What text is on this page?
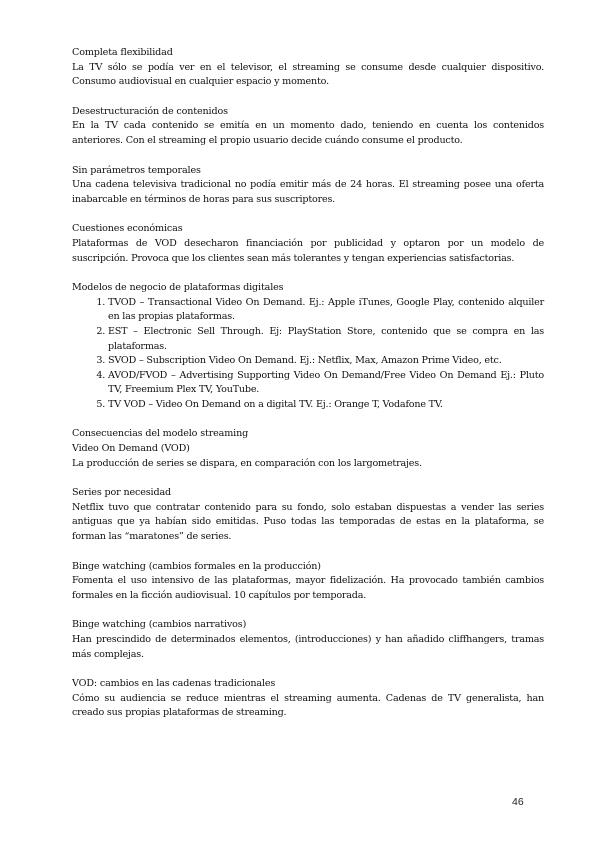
Completa flexibilidad
La TV sólo se podía ver en el televisor, el streaming se consume desde cualquier dispositivo. Consumo audiovisual en cualquier espacio y momento.
Desestructuración de contenidos
En la TV cada contenido se emitía en un momento dado, teniendo en cuenta los contenidos anteriores. Con el streaming el propio usuario decide cuándo consume el producto.
Sin parámetros temporales
Una cadena televisiva tradicional no podía emitir más de 24 horas. El streaming posee una oferta inabarcable en términos de horas para sus suscriptores.
Cuestiones económicas
Plataformas de VOD desecharon financiación por publicidad y optaron por un modelo de suscripción. Provoca que los clientes sean más tolerantes y tengan experiencias satisfactorias.
Modelos de negocio de plataformas digitales
1. TVOD – Transactional Video On Demand. Ej.: Apple iTunes, Google Play, contenido alquiler en las propias plataformas.
2. EST – Electronic Sell Through. Ej: PlayStation Store, contenido que se compra en las plataformas.
3. SVOD – Subscription Video On Demand. Ej.: Netflix, Max, Amazon Prime Video, etc.
4. AVOD/FVOD – Advertising Supporting Video On Demand/Free Video On Demand Ej.: Pluto TV, Freemium Plex TV, YouTube.
5. TV VOD – Video On Demand on a digital TV. Ej.: Orange T, Vodafone TV.
Consecuencias del modelo streaming
Video On Demand (VOD)
La producción de series se dispara, en comparación con los largometrajes.
Series por necesidad
Netflix tuvo que contratar contenido para su fondo, solo estaban dispuestas a vender las series antiguas que ya habían sido emitidas. Puso todas las temporadas de estas en la plataforma, se forman las “maratones” de series.
Binge watching (cambios formales en la producción)
Fomenta el uso intensivo de las plataformas, mayor fidelización. Ha provocado también cambios formales en la ficción audiovisual. 10 capítulos por temporada.
Binge watching (cambios narrativos)
Han prescindido de determinados elementos, (introducciones) y han añadido cliffhangers, tramas más complejas.
VOD: cambios en las cadenas tradicionales
Cómo su audiencia se reduce mientras el streaming aumenta. Cadenas de TV generalista, han creado sus propias plataformas de streaming.
46
